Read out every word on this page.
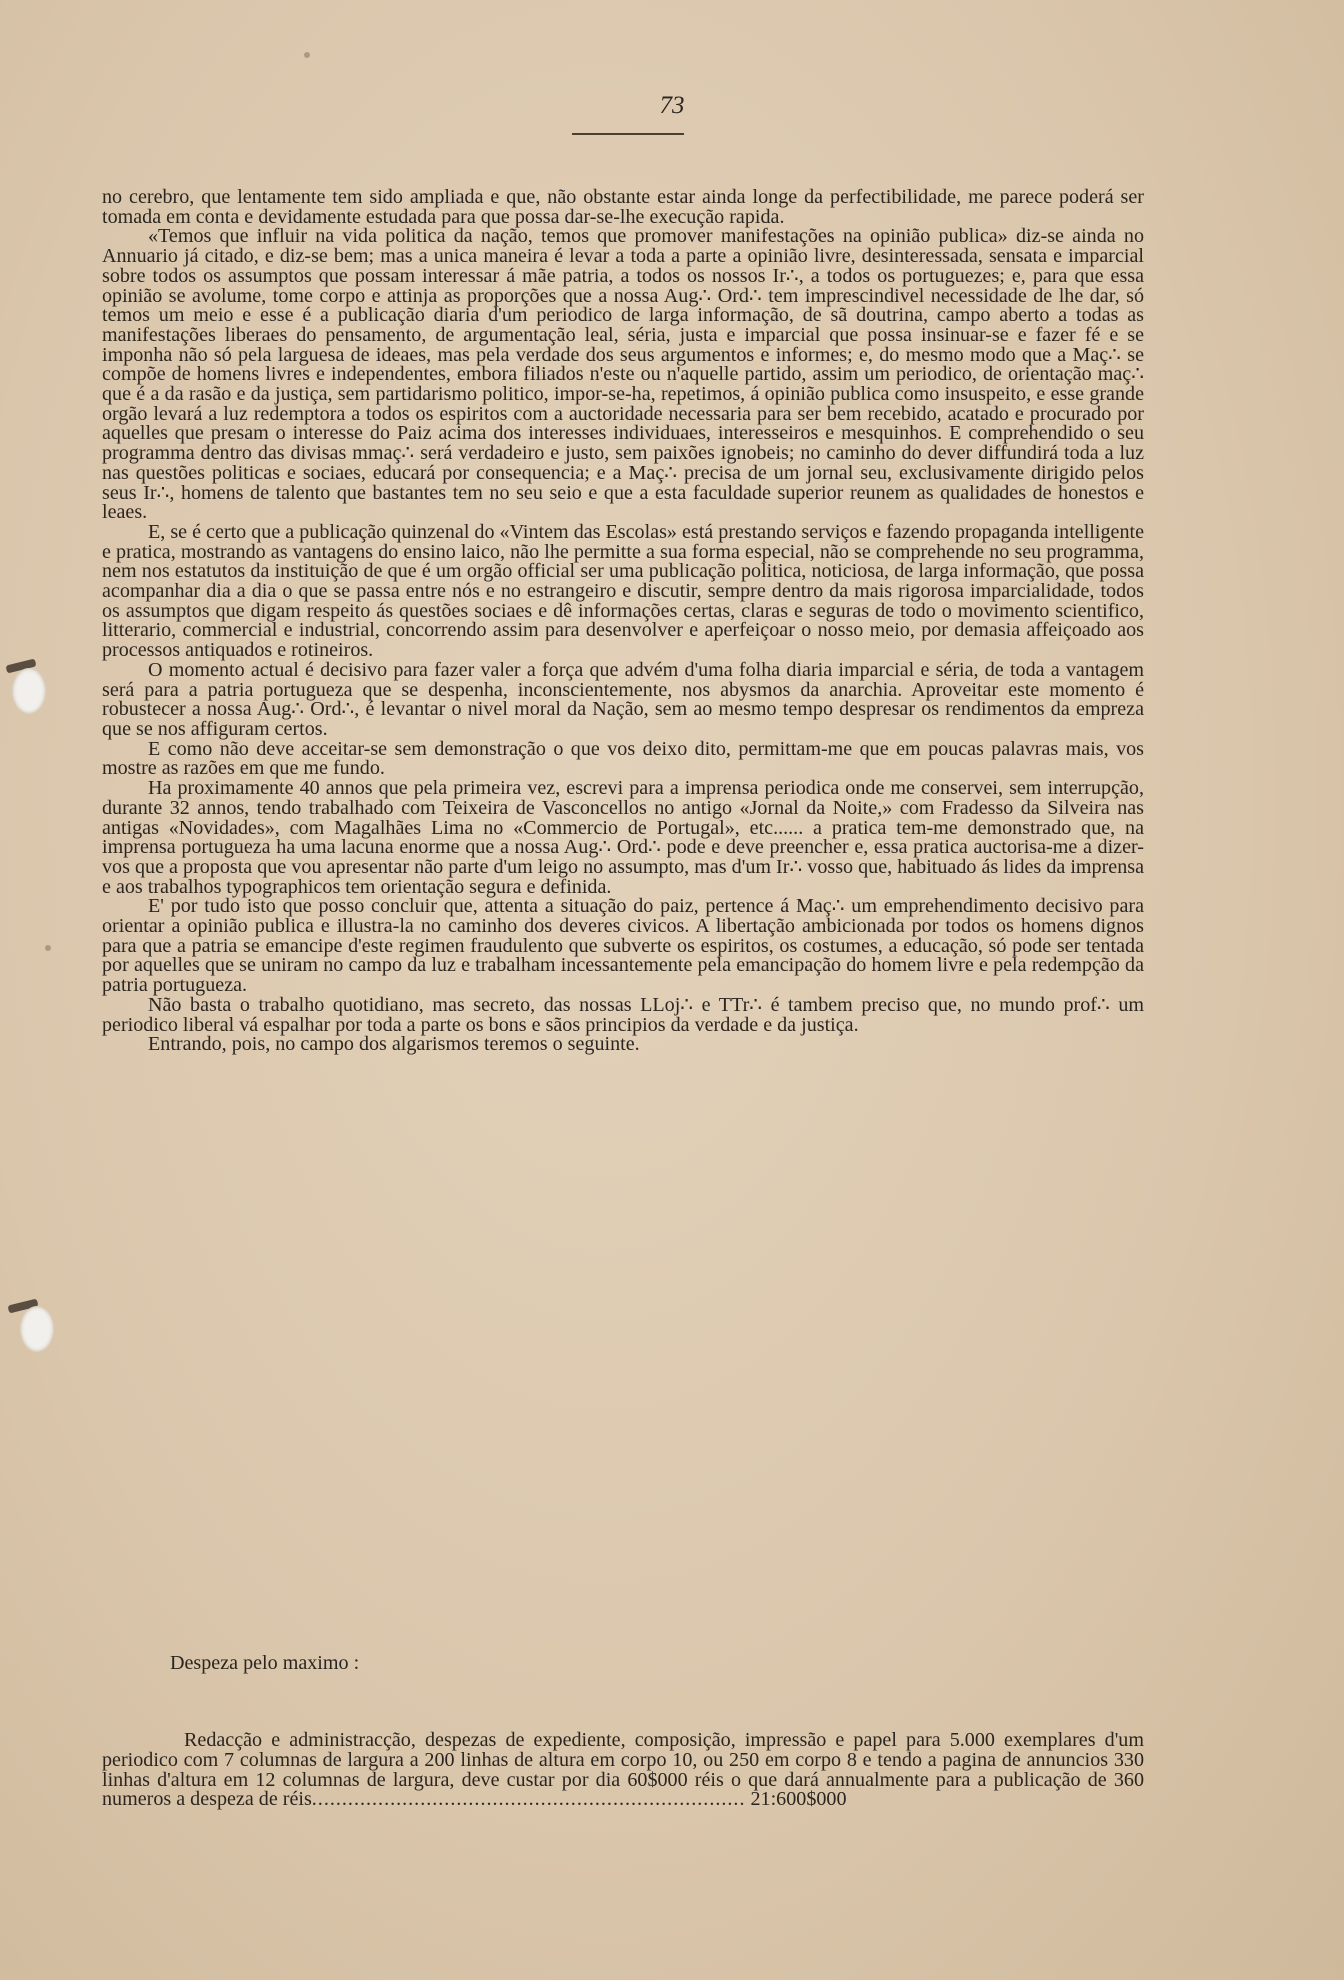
73

no cerebro, que lentamente tem sido ampliada e que, não obstante estar ainda longe da perfectibilidade, me parece poderá ser tomada em conta e devidamente estudada para que possa dar-se-lhe execução rapida.

«Temos que influir na vida politica da nação, temos que promover manifestações na opinião publica» diz-se ainda no Annuario já citado, e diz-se bem; mas a unica maneira é levar a toda a parte a opinião livre, desinteressada, sensata e imparcial sobre todos os assumptos que possam interessar á mãe patria, a todos os nossos Ir∴, a todos os portuguezes; e, para que essa opinião se avolume, tome corpo e attinja as proporções que a nossa Aug∴ Ord∴ tem imprescindivel necessidade de lhe dar, só temos um meio e esse é a publicação diaria d'um periodico de larga informação, de sã doutrina, campo aberto a todas as manifestações liberaes do pensamento, de argumentação leal, séria, justa e imparcial que possa insinuar-se e fazer fé e se imponha não só pela larguesa de ideaes, mas pela verdade dos seus argumentos e informes; e, do mesmo modo que a Maç∴ se compõe de homens livres e independentes, embora filiados n'este ou n'aquelle partido, assim um periodico, de orientação maç∴ que é a da rasão e da justiça, sem partidarismo politico, impor-se-ha, repetimos, á opinião publica como insuspeito, e esse grande orgão levará a luz redemptora a todos os espiritos com a auctoridade necessaria para ser bem recebido, acatado e procurado por aquelles que presam o interesse do Paiz acima dos interesses individuaes, interesseiros e mesquinhos. E comprehendido o seu programma dentro das divisas mmaç∴ será verdadeiro e justo, sem paixões ignobeis; no caminho do dever diffundirá toda a luz nas questões politicas e sociaes, educará por consequencia; e a Maç∴ precisa de um jornal seu, exclusivamente dirigido pelos seus Ir∴, homens de talento que bastantes tem no seu seio e que a esta faculdade superior reunem as qualidades de honestos e leaes.

E, se é certo que a publicação quinzenal do «Vintem das Escolas» está prestando serviços e fazendo propaganda intelligente e pratica, mostrando as vantagens do ensino laico, não lhe permitte a sua forma especial, não se comprehende no seu programma, nem nos estatutos da instituição de que é um orgão official ser uma publicação politica, noticiosa, de larga informação, que possa acompanhar dia a dia o que se passa entre nós e no estrangeiro e discutir, sempre dentro da mais rigorosa imparcialidade, todos os assumptos que digam respeito ás questões sociaes e dê informações certas, claras e seguras de todo o movimento scientifico, litterario, commercial e industrial, concorrendo assim para desenvolver e aperfeiçoar o nosso meio, por demasia affeiçoado aos processos antiquados e rotineiros.

O momento actual é decisivo para fazer valer a força que advém d'uma folha diaria imparcial e séria, de toda a vantagem será para a patria portugueza que se despenha, inconscientemente, nos abysmos da anarchia. Aproveitar este momento é robustecer a nossa Aug∴ Ord∴, é levantar o nivel moral da Nação, sem ao mesmo tempo despresar os rendimentos da empreza que se nos affiguram certos.

E como não deve acceitar-se sem demonstração o que vos deixo dito, permittam-me que em poucas palavras mais, vos mostre as razões em que me fundo.

Ha proximamente 40 annos que pela primeira vez, escrevi para a imprensa periodica onde me conservei, sem interrupção, durante 32 annos, tendo trabalhado com Teixeira de Vasconcellos no antigo «Jornal da Noite,» com Fradesso da Silveira nas antigas «Novidades», com Magalhães Lima no «Commercio de Portugal», etc...... a pratica tem-me demonstrado que, na imprensa portugueza ha uma lacuna enorme que a nossa Aug∴ Ord∴ pode e deve preencher e, essa pratica auctorisa-me a dizer-vos que a proposta que vou apresentar não parte d'um leigo no assumpto, mas d'um Ir∴ vosso que, habituado ás lides da imprensa e aos trabalhos typographicos tem orientação segura e definida.

E' por tudo isto que posso concluir que, attenta a situação do paiz, pertence á Maç∴ um emprehendimento decisivo para orientar a opinião publica e illustra-la no caminho dos deveres civicos. A libertação ambicionada por todos os homens dignos para que a patria se emancipe d'este regimen fraudulento que subverte os espiritos, os costumes, a educação, só pode ser tentada por aquelles que se uniram no campo da luz e trabalham incessantemente pela emancipação do homem livre e pela redempção da patria portugueza.

Não basta o trabalho quotidiano, mas secreto, das nossas LLoj∴ e TTr∴ é tambem preciso que, no mundo prof∴ um periodico liberal vá espalhar por toda a parte os bons e sãos principios da verdade e da justiça.

Entrando, pois, no campo dos algarismos teremos o seguinte.

Despeza pelo maximo :
Redacção e administracção, despezas de expediente, composição, impressão e papel para 5.000 exemplares d'um periodico com 7 columnas de largura a 200 linhas de altura em corpo 10, ou 250 em corpo 8 e tendo a pagina de annuncios 330 linhas d'altura em 12 columnas de largura, deve custar por dia 60$000 réis o que dará annualmente para a publicação de 360 numeros a despeza de réis........................................................................ 21:600$000
